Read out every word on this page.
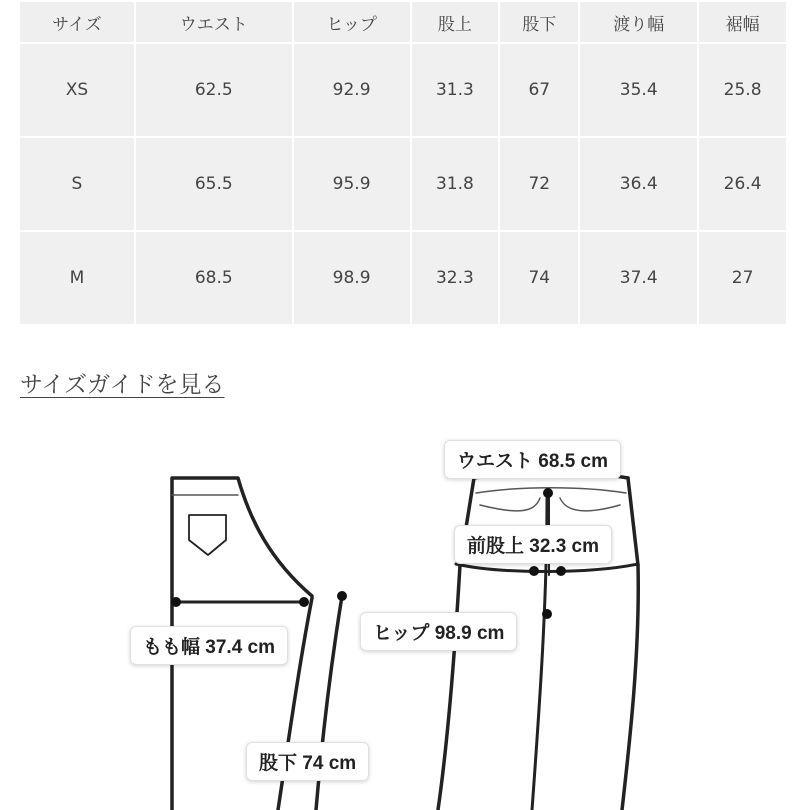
サイズ	ウエスト	ヒップ	股上	股下	渡り幅	裾幅
XS	62.5	92.9	31.3	67	35.4	25.8
S	65.5	95.9	31.8	72	36.4	26.4
M	68.5	98.9	32.3	74	37.4	27
サイズガイドを見る
ウエスト 68.5 cm
前股上 32.3 cm
ヒップ 98.9 cm
もも幅 37.4 cm
股下 74 cm
